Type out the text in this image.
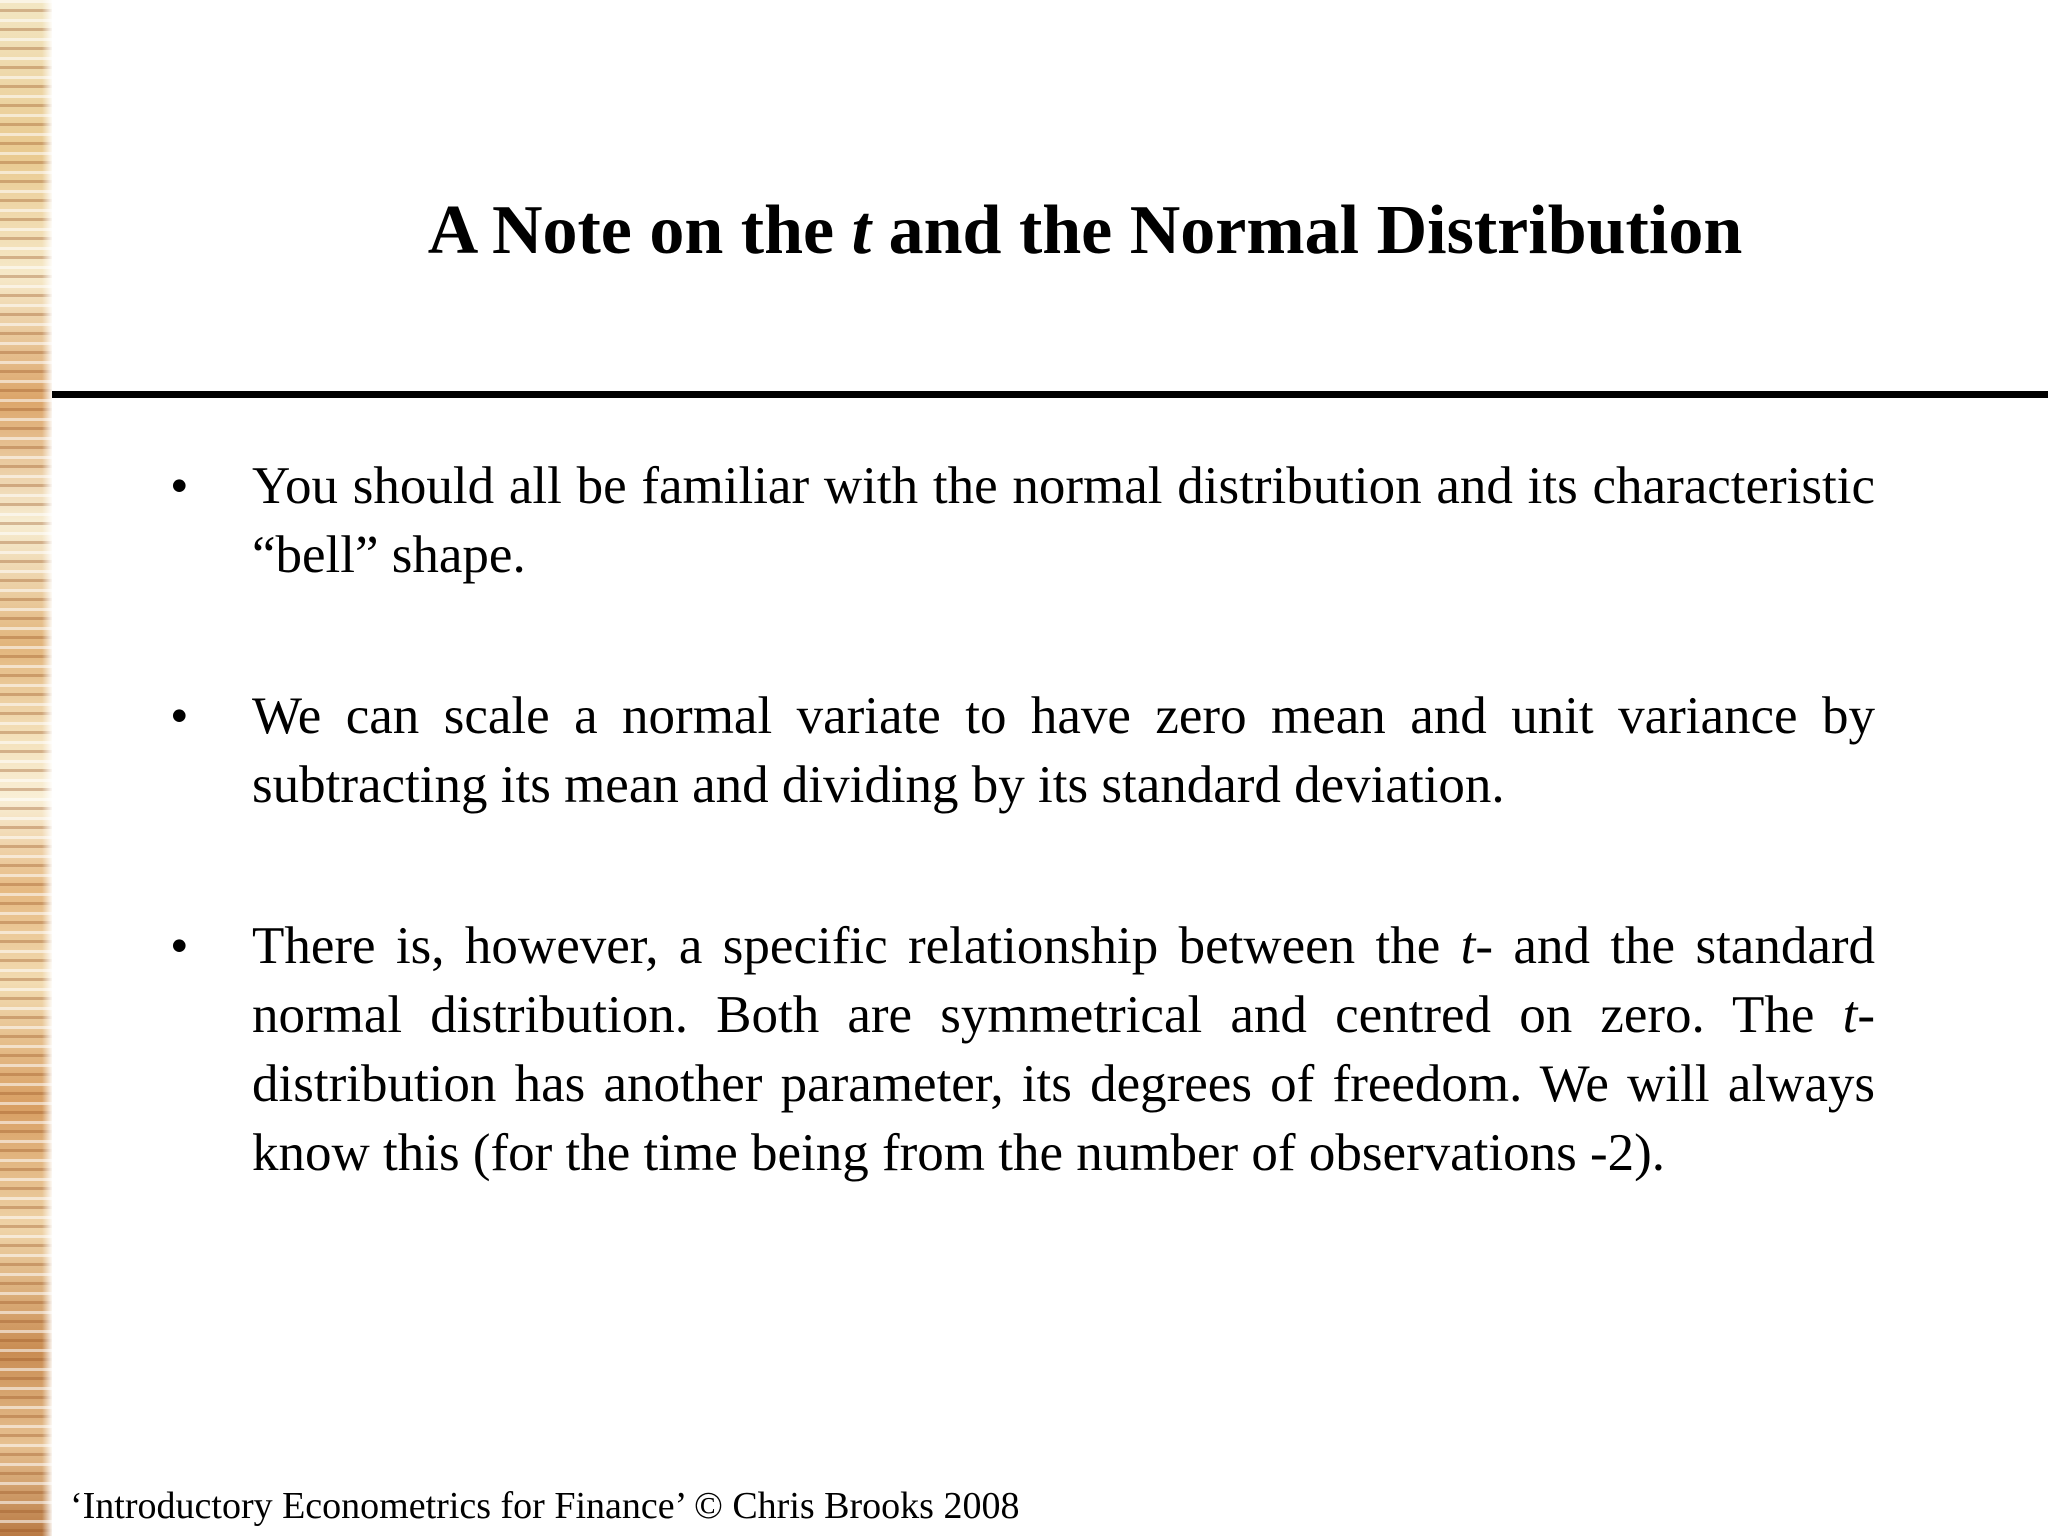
A Note on the t and the Normal Distribution
•	You should all be familiar with the normal distribution and its characteristic “bell” shape.
•	We can scale a normal variate to have zero mean and unit variance by subtracting its mean and dividing by its standard deviation.
•	There is, however, a specific relationship between the t- and the standard normal distribution. Both are symmetrical and centred on zero. The t-distribution has another parameter, its degrees of freedom. We will always know this (for the time being from the number of observations -2).
‘Introductory Econometrics for Finance’ © Chris Brooks 2008
